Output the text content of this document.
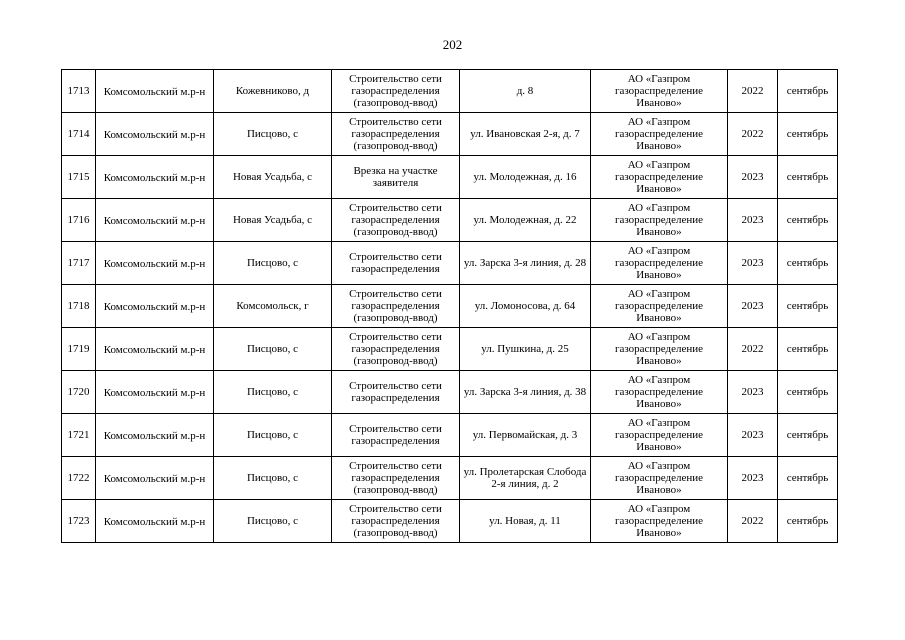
202
1713	Комсомольский м.р-н	Кожевниково, д	Строительство сети газораспределения (газопровод-ввод)	д. 8	АО «Газпром газораспределение Иваново»	2022	сентябрь
1714	Комсомольский м.р-н	Писцово, с	Строительство сети газораспределения (газопровод-ввод)	ул. Ивановская 2-я, д. 7	АО «Газпром газораспределение Иваново»	2022	сентябрь
1715	Комсомольский м.р-н	Новая Усадьба, с	Врезка на участке заявителя	ул. Молодежная, д. 16	АО «Газпром газораспределение Иваново»	2023	сентябрь
1716	Комсомольский м.р-н	Новая Усадьба, с	Строительство сети газораспределения (газопровод-ввод)	ул. Молодежная, д. 22	АО «Газпром газораспределение Иваново»	2023	сентябрь
1717	Комсомольский м.р-н	Писцово, с	Строительство сети газораспределения	ул. Зарска 3-я линия, д. 28	АО «Газпром газораспределение Иваново»	2023	сентябрь
1718	Комсомольский м.р-н	Комсомольск, г	Строительство сети газораспределения (газопровод-ввод)	ул. Ломоносова, д. 64	АО «Газпром газораспределение Иваново»	2023	сентябрь
1719	Комсомольский м.р-н	Писцово, с	Строительство сети газораспределения (газопровод-ввод)	ул. Пушкина, д. 25	АО «Газпром газораспределение Иваново»	2022	сентябрь
1720	Комсомольский м.р-н	Писцово, с	Строительство сети газораспределения	ул. Зарска 3-я линия, д. 38	АО «Газпром газораспределение Иваново»	2023	сентябрь
1721	Комсомольский м.р-н	Писцово, с	Строительство сети газораспределения	ул. Первомайская, д. 3	АО «Газпром газораспределение Иваново»	2023	сентябрь
1722	Комсомольский м.р-н	Писцово, с	Строительство сети газораспределения (газопровод-ввод)	ул. Пролетарская Слобода 2-я линия, д. 2	АО «Газпром газораспределение Иваново»	2023	сентябрь
1723	Комсомольский м.р-н	Писцово, с	Строительство сети газораспределения (газопровод-ввод)	ул. Новая, д. 11	АО «Газпром газораспределение Иваново»	2022	сентябрь
